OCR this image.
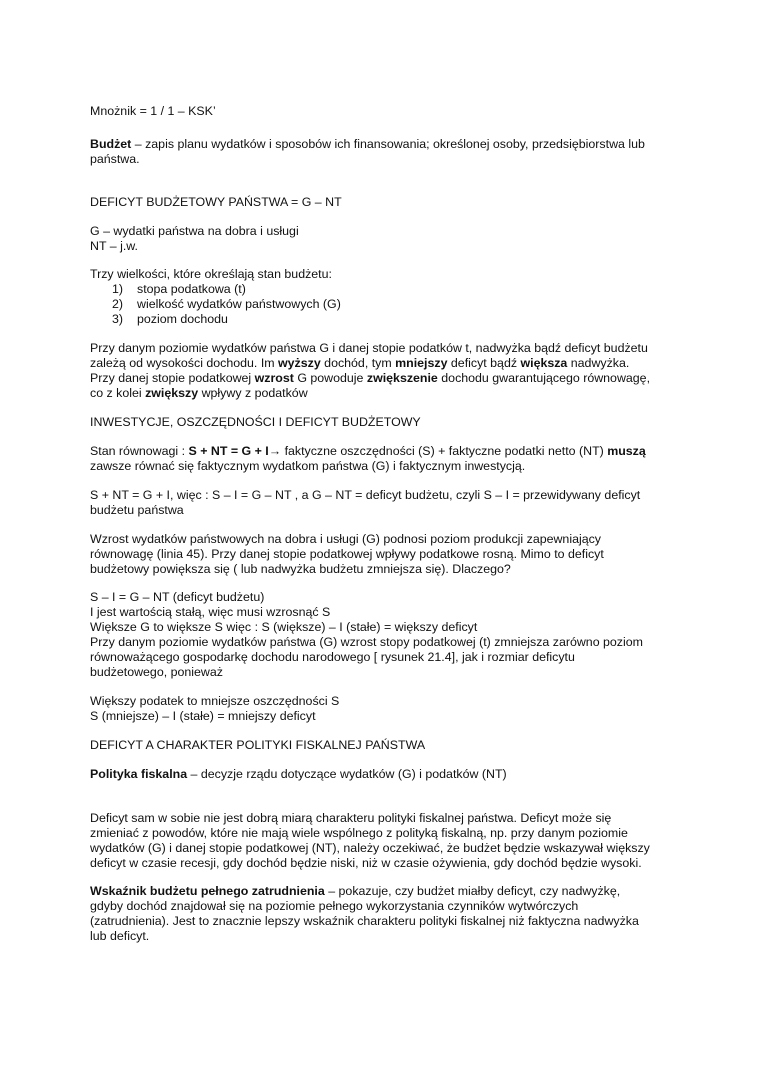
Mnożnik = 1 / 1 – KSK’
Budżet – zapis planu wydatków i sposobów ich finansowania; określonej osoby, przedsiębiorstwa lub
państwa.
DEFICYT BUDŻETOWY PAŃSTWA = G – NT
G – wydatki państwa na dobra i usługi
NT – j.w.
Trzy wielkości, które określają stan budżetu:
1) stopa podatkowa (t)
2) wielkość wydatków państwowych (G)
3) poziom dochodu
Przy danym poziomie wydatków państwa G i danej stopie podatków t, nadwyżka bądź deficyt budżetu
zależą od wysokości dochodu. Im wyższy dochód, tym mniejszy deficyt bądź większa nadwyżka.
Przy danej stopie podatkowej wzrost G powoduje zwiększenie dochodu gwarantującego równowagę,
co z kolei zwiększy wpływy z podatków
INWESTYCJE, OSZCZĘDNOŚCI I DEFICYT BUDŻETOWY
Stan równowagi : S + NT = G + I→ faktyczne oszczędności (S) + faktyczne podatki netto (NT) muszą
zawsze równać się faktycznym wydatkom państwa (G) i faktycznym inwestycją.
S + NT = G + I, więc : S – I = G – NT , a G – NT = deficyt budżetu, czyli S – I = przewidywany deficyt
budżetu państwa
Wzrost wydatków państwowych na dobra i usługi (G) podnosi poziom produkcji zapewniający
równowagę (linia 45). Przy danej stopie podatkowej wpływy podatkowe rosną. Mimo to deficyt
budżetowy powiększa się ( lub nadwyżka budżetu zmniejsza się). Dlaczego?
S – I = G – NT (deficyt budżetu)
I jest wartością stałą, więc musi wzrosnąć S
Większe G to większe S więc : S (większe) – I (stałe) = większy deficyt
Przy danym poziomie wydatków państwa (G) wzrost stopy podatkowej (t) zmniejsza zarówno poziom
równoważącego gospodarkę dochodu narodowego [ rysunek 21.4], jak i rozmiar deficytu
budżetowego, ponieważ
Większy podatek to mniejsze oszczędności S
S (mniejsze) – I (stałe) = mniejszy deficyt
DEFICYT A CHARAKTER POLITYKI FISKALNEJ PAŃSTWA
Polityka fiskalna – decyzje rządu dotyczące wydatków (G) i podatków (NT)
Deficyt sam w sobie nie jest dobrą miarą charakteru polityki fiskalnej państwa. Deficyt może się
zmieniać z powodów, które nie mają wiele wspólnego z polityką fiskalną, np. przy danym poziomie
wydatków (G) i danej stopie podatkowej (NT), należy oczekiwać, że budżet będzie wskazywał większy
deficyt w czasie recesji, gdy dochód będzie niski, niż w czasie ożywienia, gdy dochód będzie wysoki.
Wskaźnik budżetu pełnego zatrudnienia – pokazuje, czy budżet miałby deficyt, czy nadwyżkę,
gdyby dochód znajdował się na poziomie pełnego wykorzystania czynników wytwórczych
(zatrudnienia). Jest to znacznie lepszy wskaźnik charakteru polityki fiskalnej niż faktyczna nadwyżka
lub deficyt.
